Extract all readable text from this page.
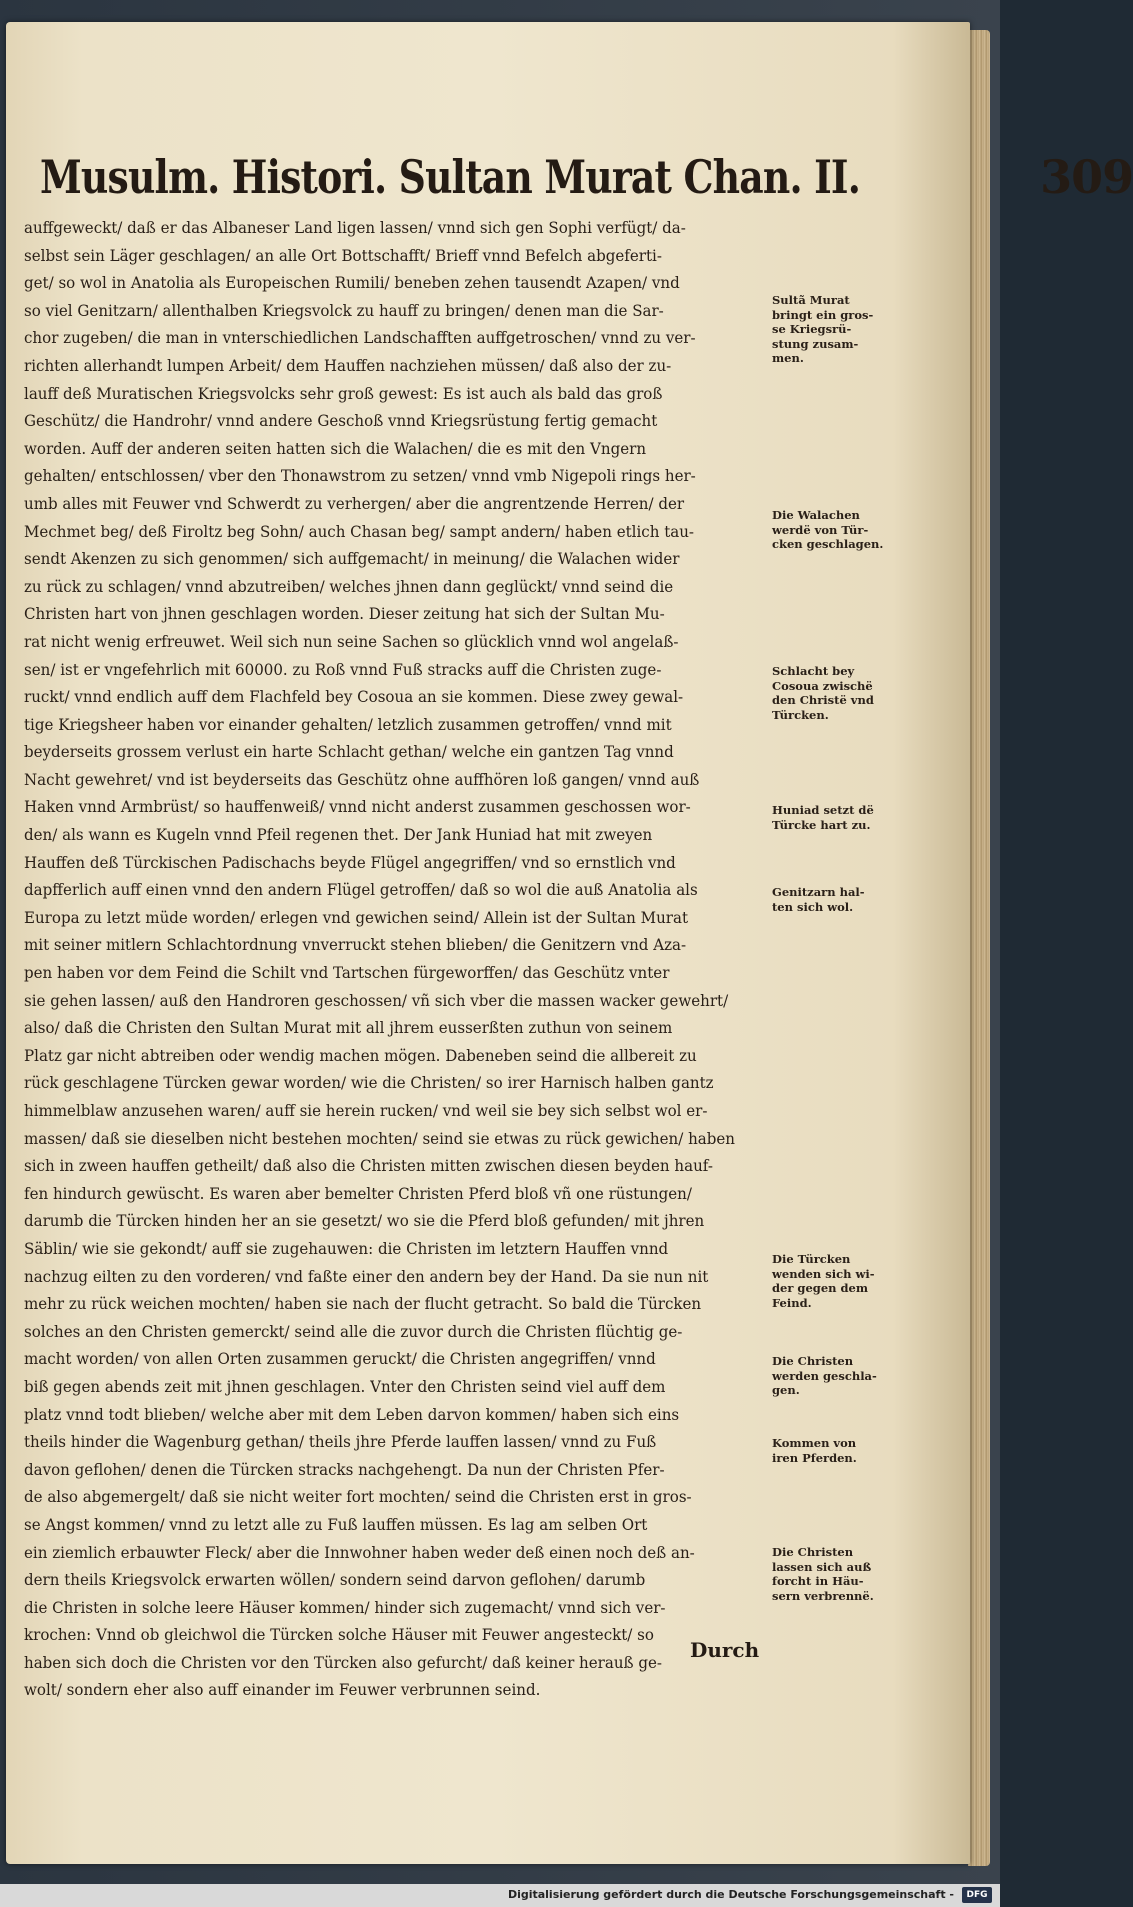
Musulm. Histori. Sultan Murat Chan. II.	309
auffgeweckt/ daß er das Albaneser Land ligen lassen/ vnnd sich gen Sophi verfügt/ da-
selbst sein Läger geschlagen/ an alle Ort Bottschafft/ Brieff vnnd Befelch abgeferti-
get/ so wol in Anatolia als Europeischen Rumili/ beneben zehen tausendt Azapen/ vnd
so viel Genitzarn/ allenthalben Kriegsvolck zu hauff zu bringen/ denen man die Sar-
chor zugeben/ die man in vnterschiedlichen Landschafften auffgetroschen/ vnnd zu ver-
richten allerhandt lumpen Arbeit/ dem Hauffen nachziehen müssen/ daß also der zu-
lauff deß Muratischen Kriegsvolcks sehr groß gewest: Es ist auch als bald das groß
Geschütz/ die Handrohr/ vnnd andere Geschoß vnnd Kriegsrüstung fertig gemacht
worden. Auff der anderen seiten hatten sich die Walachen/ die es mit den Vngern
gehalten/ entschlossen/ vber den Thonawstrom zu setzen/ vnnd vmb Nigepoli rings her-
umb alles mit Feuwer vnd Schwerdt zu verhergen/ aber die angrentzende Herren/ der
Mechmet beg/ deß Firoltz beg Sohn/ auch Chasan beg/ sampt andern/ haben etlich tau-
sendt Akenzen zu sich genommen/ sich auffgemacht/ in meinung/ die Walachen wider
zu rück zu schlagen/ vnnd abzutreiben/ welches jhnen dann geglückt/ vnnd seind die
Christen hart von jhnen geschlagen worden. Dieser zeitung hat sich der Sultan Mu-
rat nicht wenig erfreuwet. Weil sich nun seine Sachen so glücklich vnnd wol angelaß-
sen/ ist er vngefehrlich mit 60000. zu Roß vnnd Fuß stracks auff die Christen zuge-
ruckt/ vnnd endlich auff dem Flachfeld bey Cosoua an sie kommen. Diese zwey gewal-
tige Kriegsheer haben vor einander gehalten/ letzlich zusammen getroffen/ vnnd mit
beyderseits grossem verlust ein harte Schlacht gethan/ welche ein gantzen Tag vnnd
Nacht gewehret/ vnd ist beyderseits das Geschütz ohne auffhören loß gangen/ vnnd auß
Haken vnnd Armbrüst/ so hauffenweiß/ vnnd nicht anderst zusammen geschossen wor-
den/ als wann es Kugeln vnnd Pfeil regenen thet. Der Jank Huniad hat mit zweyen
Hauffen deß Türckischen Padischachs beyde Flügel angegriffen/ vnd so ernstlich vnd
dapfferlich auff einen vnnd den andern Flügel getroffen/ daß so wol die auß Anatolia als
Europa zu letzt müde worden/ erlegen vnd gewichen seind/ Allein ist der Sultan Murat
mit seiner mitlern Schlachtordnung vnverruckt stehen blieben/ die Genitzern vnd Aza-
pen haben vor dem Feind die Schilt vnd Tartschen fürgeworffen/ das Geschütz vnter
sie gehen lassen/ auß den Handroren geschossen/ vñ sich vber die massen wacker gewehrt/
also/ daß die Christen den Sultan Murat mit all jhrem eusserßten zuthun von seinem
Platz gar nicht abtreiben oder wendig machen mögen. Dabeneben seind die allbereit zu
rück geschlagene Türcken gewar worden/ wie die Christen/ so irer Harnisch halben gantz
himmelblaw anzusehen waren/ auff sie herein rucken/ vnd weil sie bey sich selbst wol er-
massen/ daß sie dieselben nicht bestehen mochten/ seind sie etwas zu rück gewichen/ haben
sich in zween hauffen getheilt/ daß also die Christen mitten zwischen diesen beyden hauf-
fen hindurch gewüscht. Es waren aber bemelter Christen Pferd bloß vñ one rüstungen/
darumb die Türcken hinden her an sie gesetzt/ wo sie die Pferd bloß gefunden/ mit jhren
Säblin/ wie sie gekondt/ auff sie zugehauwen: die Christen im letztern Hauffen vnnd
nachzug eilten zu den vorderen/ vnd faßte einer den andern bey der Hand. Da sie nun nit
mehr zu rück weichen mochten/ haben sie nach der flucht getracht. So bald die Türcken
solches an den Christen gemerckt/ seind alle die zuvor durch die Christen flüchtig ge-
macht worden/ von allen Orten zusammen geruckt/ die Christen angegriffen/ vnnd
biß gegen abends zeit mit jhnen geschlagen. Vnter den Christen seind viel auff dem
platz vnnd todt blieben/ welche aber mit dem Leben darvon kommen/ haben sich eins
theils hinder die Wagenburg gethan/ theils jhre Pferde lauffen lassen/ vnnd zu Fuß
davon geflohen/ denen die Türcken stracks nachgehengt. Da nun der Christen Pfer-
de also abgemergelt/ daß sie nicht weiter fort mochten/ seind die Christen erst in gros-
se Angst kommen/ vnnd zu letzt alle zu Fuß lauffen müssen. Es lag am selben Ort
ein ziemlich erbauwter Fleck/ aber die Innwohner haben weder deß einen noch deß an-
dern theils Kriegsvolck erwarten wöllen/ sondern seind darvon geflohen/ darumb
die Christen in solche leere Häuser kommen/ hinder sich zugemacht/ vnnd sich ver-
krochen: Vnnd ob gleichwol die Türcken solche Häuser mit Feuwer angesteckt/ so
haben sich doch die Christen vor den Türcken also gefurcht/ daß keiner herauß ge-
wolt/ sondern eher also auff einander im Feuwer verbrunnen seind.
Sultã Murat
bringt ein gros-
se Kriegsrü-
stung zusam-
men.
Die Walachen
werdë von Tür-
cken geschlagen.
Schlacht bey
Cosoua zwischë
den Christë vnd
Türcken.
Huniad setzt dë
Türcke hart zu.
Genitzarn hal-
ten sich wol.
Die Türcken
wenden sich wi-
der gegen dem
Feind.
Die Christen
werden geschla-
gen.
Kommen von
iren Pferden.
Die Christen
lassen sich auß
forcht in Häu-
sern verbrennë.
Durch
Digitalisierung gefördert durch die Deutsche Forschungsgemeinschaft -	DFG
